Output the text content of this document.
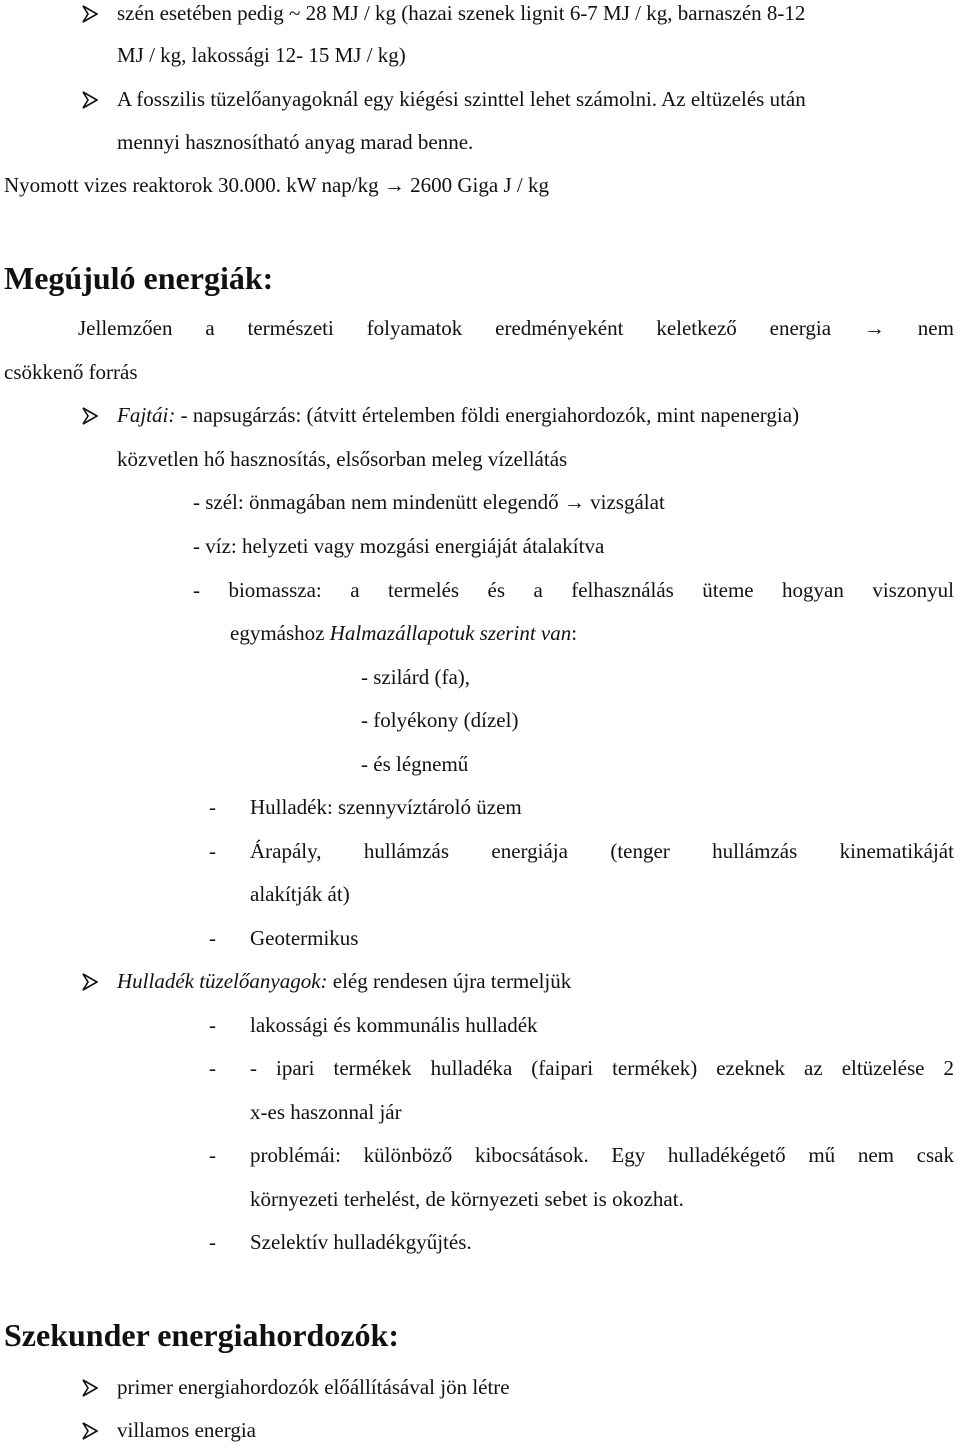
szén esetében pedig ~ 28 MJ / kg (hazai szenek lignit 6-7 MJ / kg, barnaszén 8-12
MJ / kg, lakossági 12- 15 MJ / kg)
A fosszilis tüzelőanyagoknál egy kiégési szinttel lehet számolni. Az eltüzelés után
mennyi hasznosítható anyag marad benne.
Nyomott vizes reaktorok 30.000. kW nap/kg → 2600 Giga J / kg
Megújuló energiák:
Jellemzően a természeti folyamatok eredményeként keletkező energia → nem
csökkenő forrás
Fajtái: - napsugárzás: (átvitt értelemben földi energiahordozók, mint napenergia)
közvetlen hő hasznosítás, elsősorban meleg vízellátás
- szél: önmagában nem mindenütt elegendő → vizsgálat
- víz: helyzeti vagy mozgási energiáját átalakítva
- biomassza: a termelés és a felhasználás üteme hogyan viszonyul
egymáshoz Halmazállapotuk szerint van:
- szilárd (fa),
- folyékony (dízel)
- és légnemű
- Hulladék: szennyvíztároló üzem
- Árapály, hullámzás energiája (tenger hullámzás kinematikáját
alakítják át)
- Geotermikus
Hulladék tüzelőanyagok: elég rendesen újra termeljük
- lakossági és kommunális hulladék
- - ipari termékek hulladéka (faipari termékek) ezeknek az eltüzelése 2
x-es haszonnal jár
- problémái: különböző kibocsátások. Egy hulladékégető mű nem csak
környezeti terhelést, de környezeti sebet is okozhat.
- Szelektív hulladékgyűjtés.
Szekunder energiahordozók:
primer energiahordozók előállításával jön létre
villamos energia
